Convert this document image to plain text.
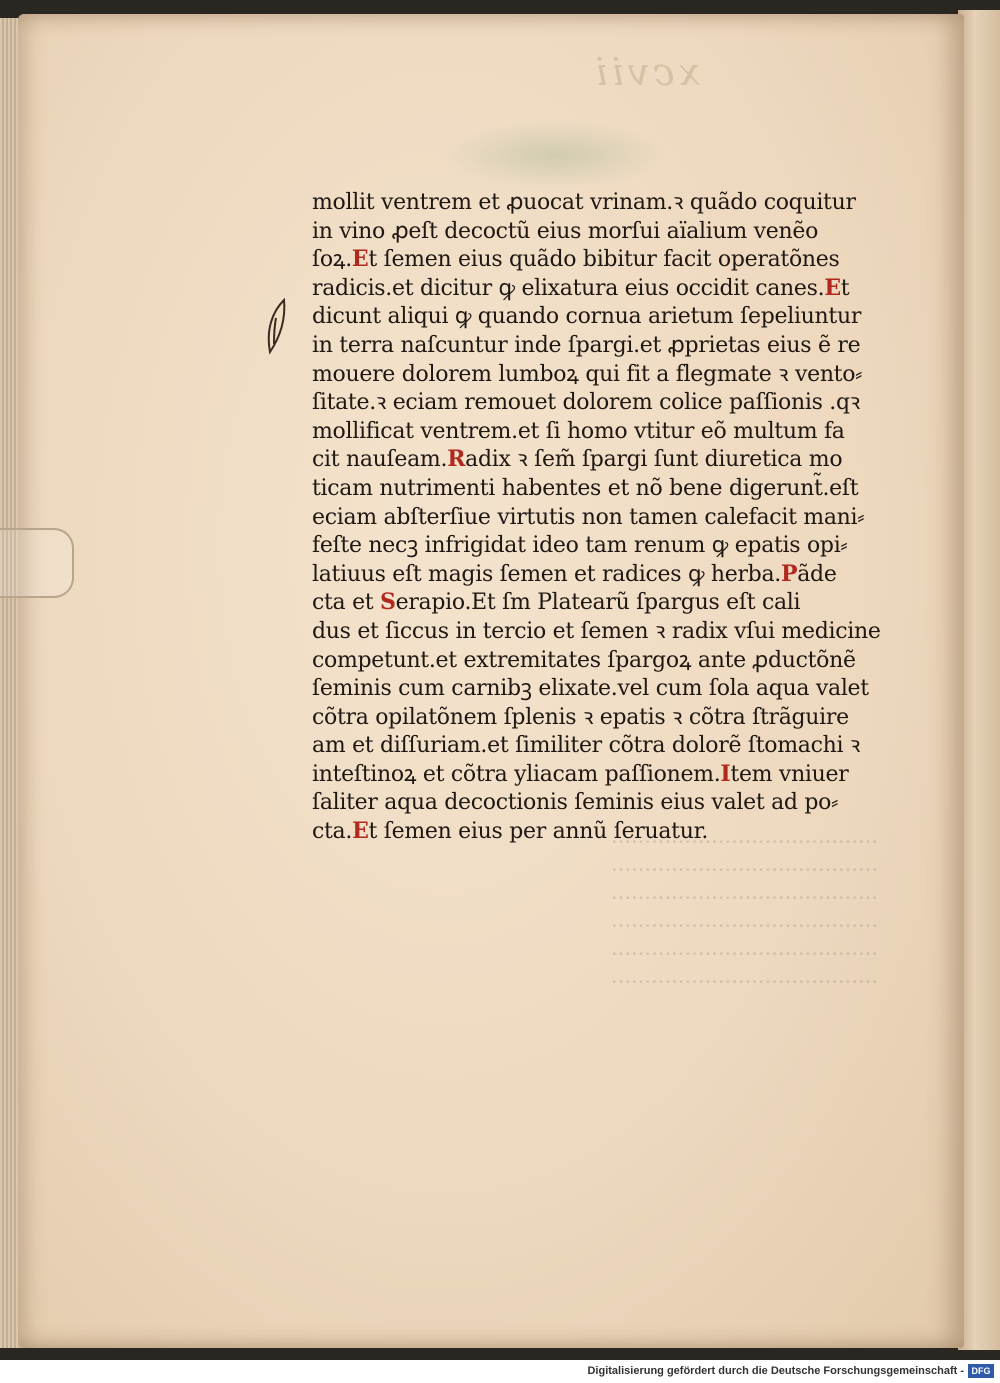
xcvii
········································
········································
········································
········································
········································
········································
mollit ventrem et ꝓuocat vrinam.ꝛ quãdo coquitur
in vino ꝓeſt decoctũ eius morſui aïalium venẽo
ſoꝝ.Et ſemen eius quãdo bibitur facit operatõnes
radicis.et dicitur ꝙ elixatura eius occidit canes.Et
dicunt aliqui ꝙ quando cornua arietum ſepeliuntur
in terra naſcuntur inde ſpargi.et ꝓprietas eius ẽ re
mouere dolorem lumboꝝ qui fit a flegmate ꝛ vento⸗
ſitate.ꝛ eciam remouet dolorem colice paſſionis .qꝛ
mollificat ventrem.et ſi homo vtitur eõ multum fa
cit nauſeam.Radix ꝛ ſem̃ ſpargi ſunt diuretica mo
ticam nutrimenti habentes et nõ bene digerunt̃.eſt
eciam abſterſiue virtutis non tamen calefacit mani⸗
feſte necꝫ infrigidat ideo tam renum ꝙ epatis opi⸗
latiuus eſt magis ſemen et radices ꝙ herba.Pãde
cta et Serapio.Et ſm Platearũ ſpargus eſt cali
dus et ſiccus in tercio et ſemen ꝛ radix vſui medicine
competunt.et extremitates ſpargoꝝ ante ꝓductõnẽ
ſeminis cum carnibꝫ elixate.vel cum ſola aqua valet
cõtra opilatõnem ſplenis ꝛ epatis ꝛ cõtra ſtrãguire
am et diſſuriam.et ſimiliter cõtra dolorẽ ſtomachi ꝛ
inteſtinoꝝ et cõtra yliacam paſſionem.Item vniuer
ſaliter aqua decoctionis ſeminis eius valet ad po⸗
cta.Et ſemen eius per annũ ſeruatur.
Digitalisierung gefördert durch die Deutsche Forschungsgemeinschaft - DFG
